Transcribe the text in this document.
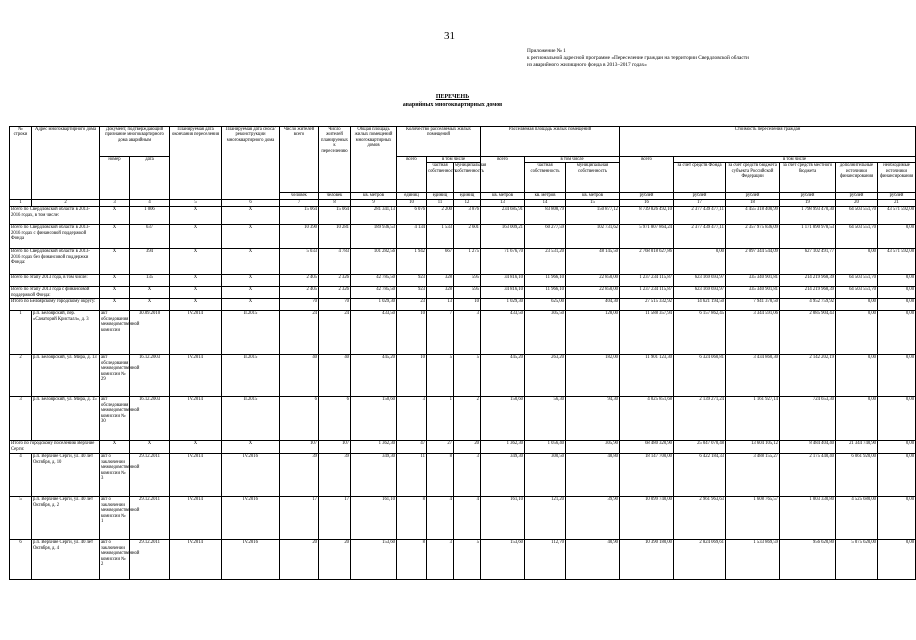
31
Приложение № 1
к региональной адресной программе «Переселение граждан на территории Свердловской области
из аварийного жилищного фонда в 2013–2017 годах»
ПЕРЕЧЕНЬ
аварийных многоквартирных домов
№ строки	Адрес многоквартирного дома	Документ, подтверждающий признание многоквартирного дома аварийным		Планируемая дата окончания переселения	Планируемая дата сноса/ реконструкции многоквартирного дома	Число жителей всего	Число жителей планируемых к переселению	Общая площадь жилых помещений многоквартирных домов	Количество расселяемых жилых помещений			Расселяемая площадь жилых помещений			Стоимость переселения граждан					
		номер	дата						всего	в том числе		всего	в том числе		всего	в том числе				
										частная собственность	муниципальная собственность		частная собственность	муниципальная собственность		за счет средств Фонда	за счет средств бюджета субъекта Российской Федерации	за счет средств местного бюджета	дополнительные источники финансирования	необходимые источники финансирования
						человек	человек	кв. метров	единиц	единиц	единиц	кв. метров	кв. метров	кв. метров	рублей	рублей	рублей	рублей	рублей	рублей
1	2	3	4	5	6	7	8	9	10	11	12	13	14	15	16	17	18	19	20	21
Всего по Свердловской области в 2013-2016 годах, в том числе:		X	1 006	X	X	15 064	15 064	281 341,13	6 076	2 200	3 876	234 685,91	83 808,79	150 877,12	8 739 826 492,10	2 377 439 477,11	4 455 318 400,99	1 798 993 470,30	64 503 551,70	43 571 592,00
Всего по Свердловской области в 2013-2016 годах с финансовой поддержкой Фонда		X	637	X	X	10 390	10 281	189 936,53	4 134	1 533	2 601	163 009,21	60 277,59	102 731,62	5 971 807 864,24	2 377 439 477,11	2 357 975 836,09	1 171 890 978,53	64 503 551,70	0,00
Всего по Свердловской области в 2013-2016 годах без финансовой поддержки Фонда:		X	394	X	X	5 033	4 783	101 282,56	1 942	667	1 275	71 676,70	23 531,20	48 145,50	2 768 018 627,86	0,00	2 097 344 544,09	627 102 491,77	0,00	43 571 592,00
Всего по этапу 2013 года, в том числе:		X	135	X	X	2 405	2 326	42 785,50	923	328	595	34 816,10	11 966,10	22 850,00	1 237 234 115,87	623 169 693,97	335 340 901,81	214 219 968,39	64 503 551,70	0,00
Всего по этапу 2013 года с финансовой поддержкой Фонда:		X	X	X	X	2 405	2 326	42 785,50	923	328	595	34 816,10	11 966,10	22 850,00	1 237 234 115,87	623 169 693,97	335 340 901,81	214 219 968,39	64 503 551,70	0,00
Итого по Белоярскому городскому округу:		X	X	X	X	70	70	1 029,30	23	13	10	1 029,30	625,00	404,30	27 515 332,92	14 621 194,50	7 941 378,50	4 952 759,92	0,00	0,00
1	р.п. Белоярский, пер. «Санаторий Кристалл», д. 3	акт обследования межведомственной комиссии	30.09.2010	IV.2014	II.2015	24	24	433,50	10	7	3	433,50	305,50	128,00	11 588 357,94	6 157 862,45	3 344 591,06	2 085 904,43	0,00	0,00
2	р.п. Белоярский, ул. Мира, д. 13	акт обследования межведомственной комиссии № 29	16.12.2003	IV.2014	II.2015	40	40	445,20	10	5	5	445,20	263,20	182,00	11 901 123,30	6 324 060,81	3 434 860,30	2 142 202,19	0,00	0,00
3	р.п. Белоярский, ул. Мира, д. 15	акт обследования межведомственной комиссии № 30	16.12.2003	IV.2014	II.2015	6	6	150,60	3	1	2	150,60	56,30	94,30	4 025 851,68	2 139 271,24	1 161 927,14	724 653,30	0,00	0,00
Итого по городскому поселению Верхние Серги:		X	X	X	X	107	107	1 362,30	47	27	20	1 362,30	1 056,40	305,90	68 480 320,90	25 047 070,48	13 604 105,12	8 484 404,40	21 344 740,90	0,00
4	р.п. Верхние Серги, ул. 40 лет Октября, д. 10	акт о заключении межведомственной комиссии № 3	29.12.2011	IV.2014	IV.2016	39	39	349,30	11	8	3	349,30	300,50	48,80	18 147 700,00	6 422 184,33	3 488 155,27	2 175 440,40	6 061 920,00	0,00
5	р.п. Верхние Серги, ул. 40 лет Октября, д. 2	акт о заключении межведомственной комиссии № 1	29.12.2011	IV.2014	IV.2016	17	17	161,10	8	4	4	161,10	121,20	39,90	10 099 740,00	2 961 963,63	1 608 765,57	1 003 330,80	4 525 680,00	0,00
6	р.п. Верхние Серги, ул. 40 лет Октября, д. 4	акт о заключении межведомственной комиссии № 2	29.12.2011	IV.2014	IV.2016	20	20	153,60	8	3	5	153,60	112,70	40,90	10 390 180,00	2 824 069,61	1 533 869,59	956 620,80	5 075 620,00	0,00
